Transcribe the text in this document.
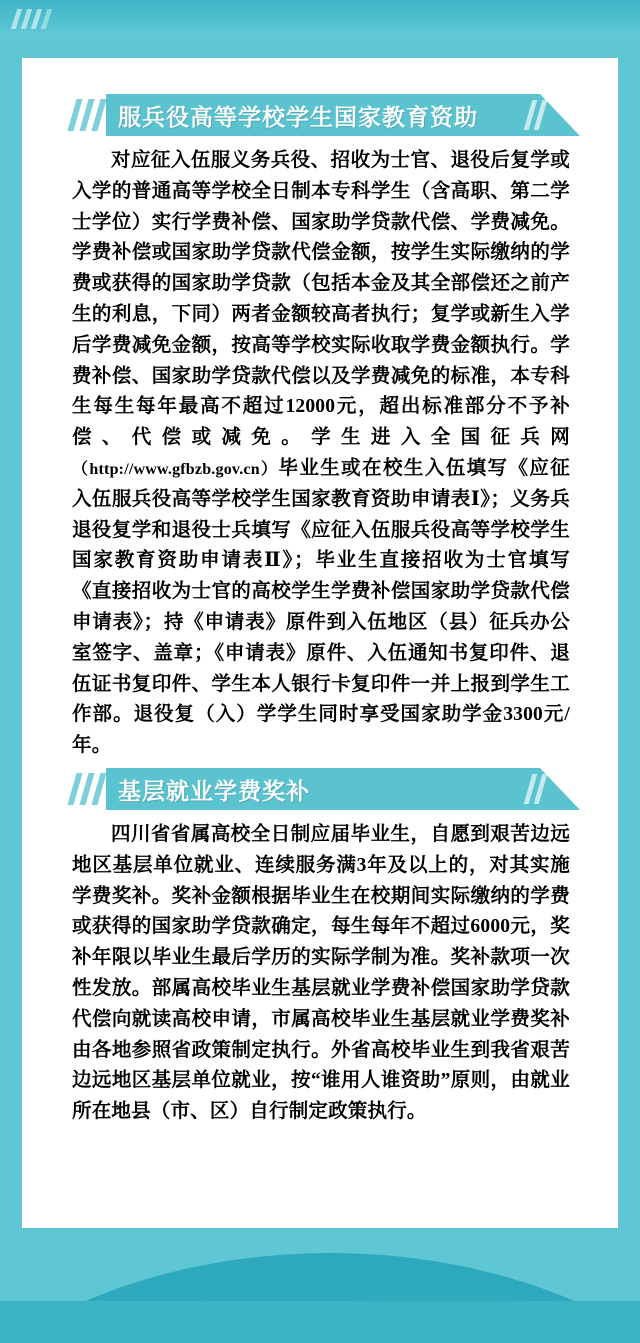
服兵役高等学校学生国家教育资助
对应征入伍服义务兵役、招收为士官、退役后复学或入学的普通高等学校全日制本专科学生（含高职、第二学士学位）实行学费补偿、国家助学贷款代偿、学费减免。学费补偿或国家助学贷款代偿金额，按学生实际缴纳的学费或获得的国家助学贷款（包括本金及其全部偿还之前产生的利息，下同）两者金额较高者执行；复学或新生入学后学费减免金额，按高等学校实际收取学费金额执行。学费补偿、国家助学贷款代偿以及学费减免的标准，本专科生每生每年最高不超过12000元，超出标准部分不予补偿、代偿或减免。学生进入全国征兵网（http://www.gfbzb.gov.cn）毕业生或在校生入伍填写《应征入伍服兵役高等学校学生国家教育资助申请表Ⅰ》；义务兵退役复学和退役士兵填写《应征入伍服兵役高等学校学生国家教育资助申请表Ⅱ》；毕业生直接招收为士官填写《直接招收为士官的高校学生学费补偿国家助学贷款代偿申请表》；持《申请表》原件到入伍地区（县）征兵办公室签字、盖章；《申请表》原件、入伍通知书复印件、退伍证书复印件、学生本人银行卡复印件一并上报到学生工作部。退役复（入）学学生同时享受国家助学金3300元/年。
基层就业学费奖补
四川省省属高校全日制应届毕业生，自愿到艰苦边远地区基层单位就业、连续服务满3年及以上的，对其实施学费奖补。奖补金额根据毕业生在校期间实际缴纳的学费或获得的国家助学贷款确定，每生每年不超过6000元，奖补年限以毕业生最后学历的实际学制为准。奖补款项一次性发放。部属高校毕业生基层就业学费补偿国家助学贷款代偿向就读高校申请，市属高校毕业生基层就业学费奖补由各地参照省政策制定执行。外省高校毕业生到我省艰苦边远地区基层单位就业，按“谁用人谁资助”原则，由就业所在地县（市、区）自行制定政策执行。
